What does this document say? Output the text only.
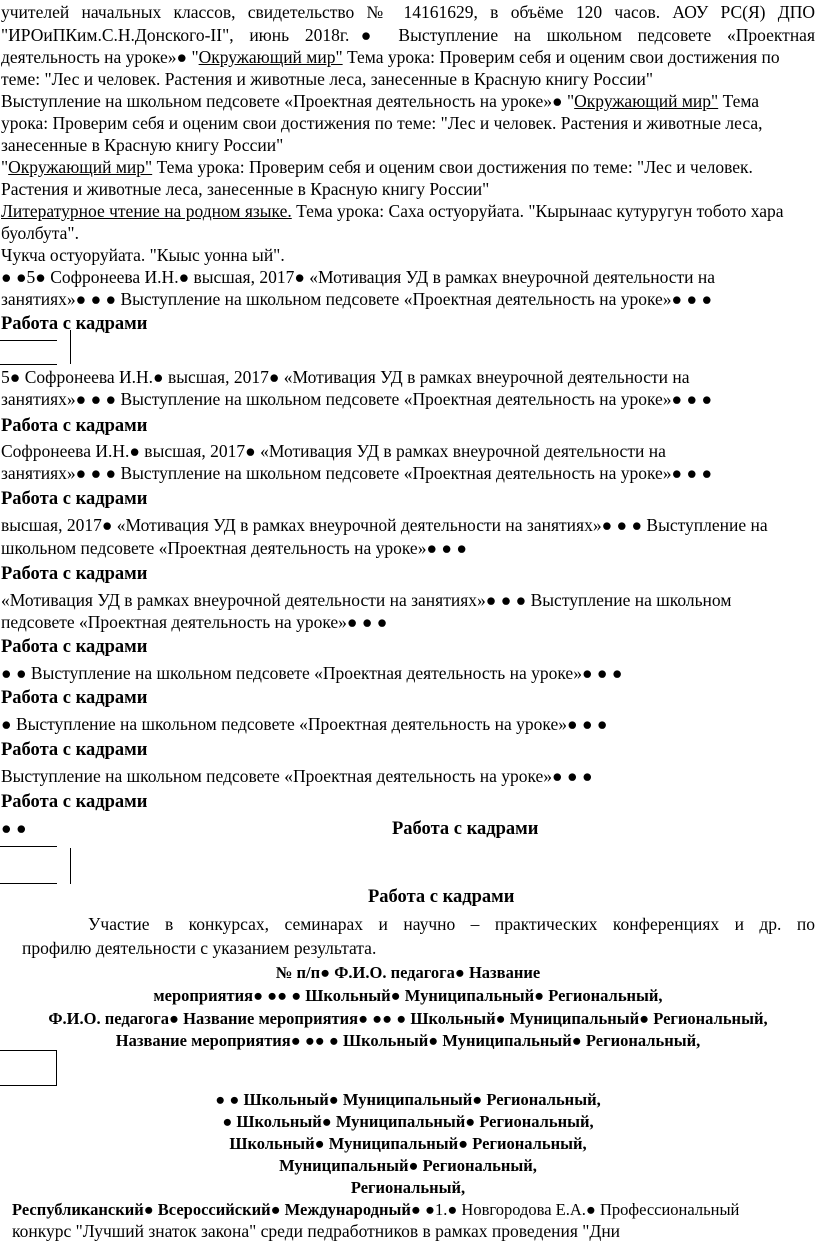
учителей начальных классов, свидетельство № 14161629, в объёме 120 часов. АОУ РС(Я) ДПО
"ИРОиПКим.С.Н.Донского-II", июнь 2018г.● Выступление на школьном педсовете «Проектная
деятельность на уроке»● "Окружающий мир" Тема урока: Проверим себя и оценим свои достижения по
теме: "Лес и человек. Растения и животные леса, занесенные в Красную книгу России"
Выступление на школьном педсовете «Проектная деятельность на уроке»● "Окружающий мир" Тема
урока: Проверим себя и оценим свои достижения по теме: "Лес и человек. Растения и животные леса,
занесенные в Красную книгу России"
"Окружающий мир" Тема урока: Проверим себя и оценим свои достижения по теме: "Лес и человек.
Растения и животные леса, занесенные в Красную книгу России"
Литературное чтение на родном языке. Тема урока: Саха остуоруйата. "Кырынаас кутуругун тобото хара
буолбута".
Чукча остуоруйата. "Кыыс уонна ый".
● ●5● Софронеева И.Н.● высшая, 2017● «Мотивация УД в рамках внеурочной деятельности на
занятиях»● ● ● Выступление на школьном педсовете «Проектная деятельность на уроке»● ● ●
Работа с кадрами
5● Софронеева И.Н.● высшая, 2017● «Мотивация УД в рамках внеурочной деятельности на
занятиях»● ● ● Выступление на школьном педсовете «Проектная деятельность на уроке»● ● ●
Работа с кадрами
Софронеева И.Н.● высшая, 2017● «Мотивация УД в рамках внеурочной деятельности на
занятиях»● ● ● Выступление на школьном педсовете «Проектная деятельность на уроке»● ● ●
Работа с кадрами
высшая, 2017● «Мотивация УД в рамках внеурочной деятельности на занятиях»● ● ● Выступление на
школьном педсовете «Проектная деятельность на уроке»● ● ●
Работа с кадрами
«Мотивация УД в рамках внеурочной деятельности на занятиях»● ● ● Выступление на школьном
педсовете «Проектная деятельность на уроке»● ● ●
Работа с кадрами
● ● Выступление на школьном педсовете «Проектная деятельность на уроке»● ● ●
Работа с кадрами
● Выступление на школьном педсовете «Проектная деятельность на уроке»● ● ●
Работа с кадрами
Выступление на школьном педсовете «Проектная деятельность на уроке»● ● ●
Работа с кадрами
● ●	Работа с кадрами
Работа с кадрами
Участие в конкурсах, семинарах и научно – практических конференциях и др. по
профилю деятельности с указанием результата.
№ п/п● Ф.И.О. педагога● Название
мероприятия● ●● ● Школьный● Муниципальный● Региональный,
Ф.И.О. педагога● Название мероприятия● ●● ● Школьный● Муниципальный● Региональный,
Название мероприятия● ●● ● Школьный● Муниципальный● Региональный,
● ● Школьный● Муниципальный● Региональный,
● Школьный● Муниципальный● Региональный,
Школьный● Муниципальный● Региональный,
Муниципальный● Региональный,
Региональный,
Республиканский● Всероссийский● Международный● ●1.● Новгородова Е.А.● Профессиональный
конкурс "Лучший знаток закона" среди педработников в рамках проведения "Дни
